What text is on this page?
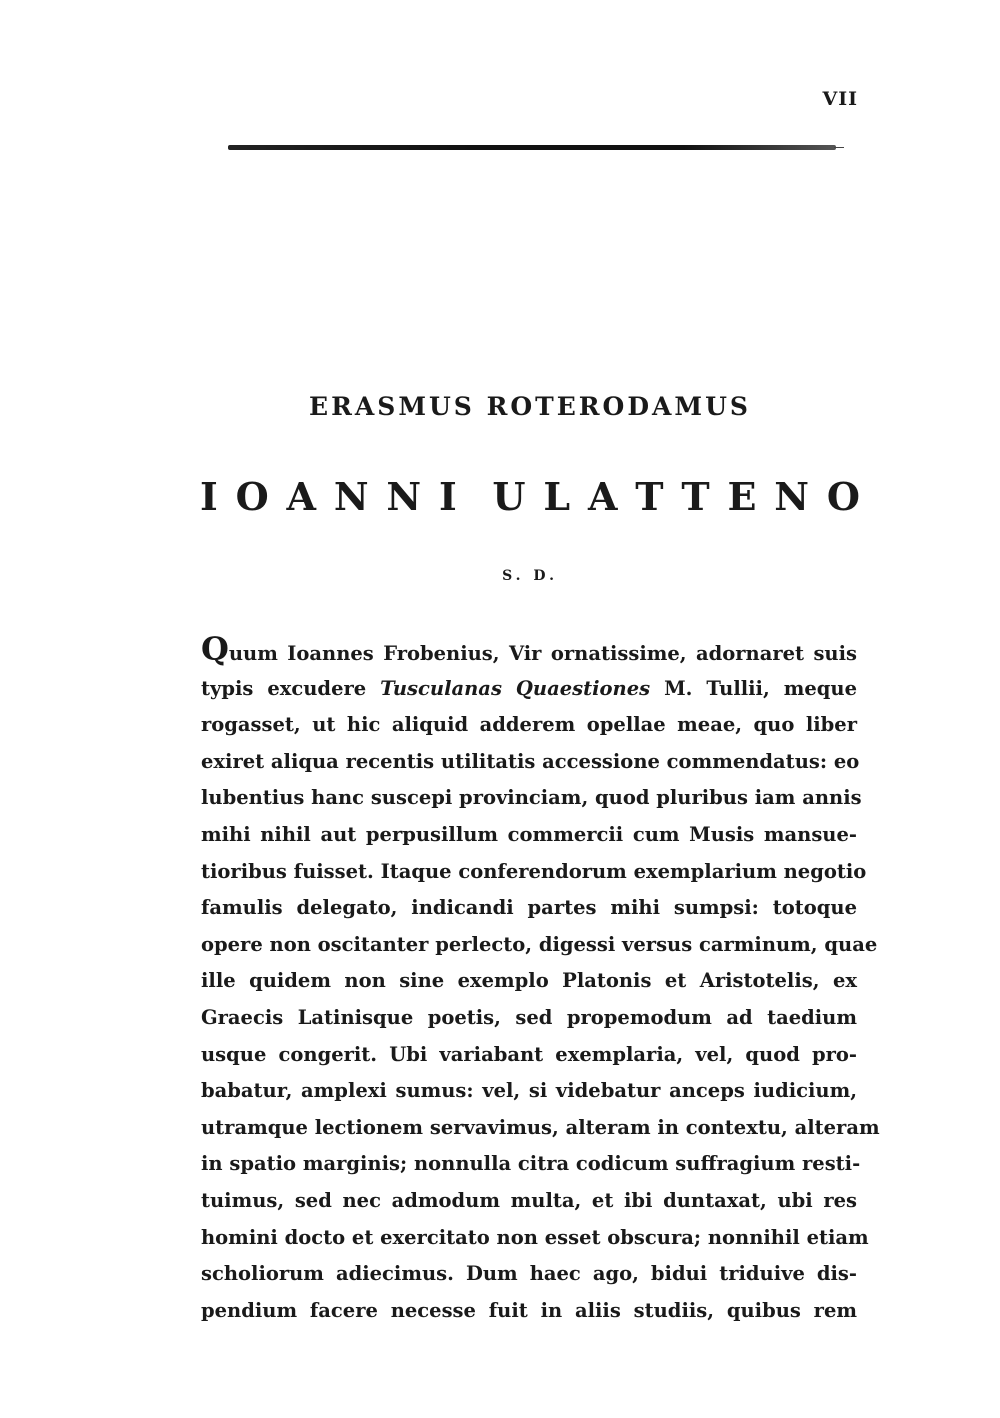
VII
ERASMUS ROTERODAMUS
I O A N N I U L A T T E N O
S. D.
Quum Ioannes Frobenius, Vir ornatissime, adornaret suis
typis excudere Tusculanas Quaestiones M. Tullii, meque
rogasset, ut hic aliquid adderem opellae meae, quo liber
exiret aliqua recentis utilitatis accessione commendatus: eo
lubentius hanc suscepi provinciam, quod pluribus iam annis
mihi nihil aut perpusillum commercii cum Musis mansue-
tioribus fuisset. Itaque conferendorum exemplarium negotio
famulis delegato, indicandi partes mihi sumpsi: totoque
opere non oscitanter perlecto, digessi versus carminum, quae
ille quidem non sine exemplo Platonis et Aristotelis, ex
Graecis Latinisque poetis, sed propemodum ad taedium
usque congerit. Ubi variabant exemplaria, vel, quod pro-
babatur, amplexi sumus: vel, si videbatur anceps iudicium,
utramque lectionem servavimus, alteram in contextu, alteram
in spatio marginis; nonnulla citra codicum suffragium resti-
tuimus, sed nec admodum multa, et ibi duntaxat, ubi res
homini docto et exercitato non esset obscura; nonnihil etiam
scholiorum adiecimus. Dum haec ago, bidui triduive dis-
pendium facere necesse fuit in aliis studiis, quibus rem
